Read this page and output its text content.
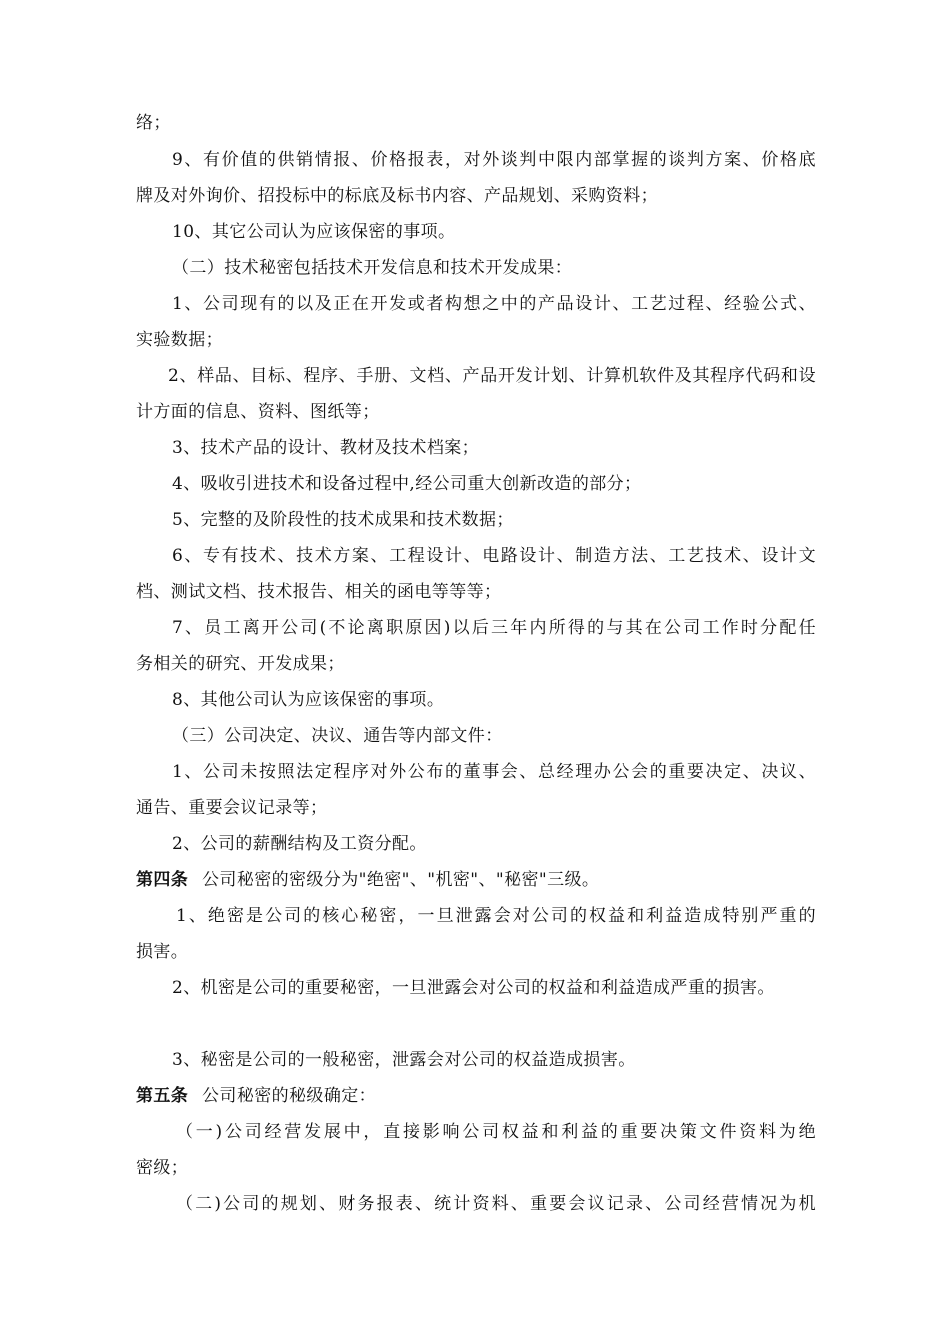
络；
9、有价值的供销情报、价格报表，对外谈判中限内部掌握的谈判方案、价格底
牌及对外询价、招投标中的标底及标书内容、产品规划、采购资料；
10、其它公司认为应该保密的事项。
（二）技术秘密包括技术开发信息和技术开发成果：
1、公司现有的以及正在开发或者构想之中的产品设计、工艺过程、经验公式、
实验数据；
2、样品、目标、程序、手册、文档、产品开发计划、计算机软件及其程序代码和设
计方面的信息、资料、图纸等；
3、技术产品的设计、教材及技术档案；
4、吸收引进技术和设备过程中,经公司重大创新改造的部分；
5、完整的及阶段性的技术成果和技术数据；
6、专有技术、技术方案、工程设计、电路设计、制造方法、工艺技术、设计文
档、测试文档、技术报告、相关的函电等等等；
7、员工离开公司(不论离职原因)以后三年内所得的与其在公司工作时分配任
务相关的研究、开发成果；
8、其他公司认为应该保密的事项。
（三）公司决定、决议、通告等内部文件：
1、公司未按照法定程序对外公布的董事会、总经理办公会的重要决定、决议、
通告、重要会议记录等；
2、公司的薪酬结构及工资分配。
第四条 公司秘密的密级分为"绝密"、"机密"、"秘密"三级。
1、绝密是公司的核心秘密，一旦泄露会对公司的权益和利益造成特别严重的
损害。
2、机密是公司的重要秘密，一旦泄露会对公司的权益和利益造成严重的损害。
3、秘密是公司的一般秘密，泄露会对公司的权益造成损害。
第五条 公司秘密的秘级确定：
（一)公司经营发展中，直接影响公司权益和利益的重要决策文件资料为绝
密级；
（二)公司的规划、财务报表、统计资料、重要会议记录、公司经营情况为机
